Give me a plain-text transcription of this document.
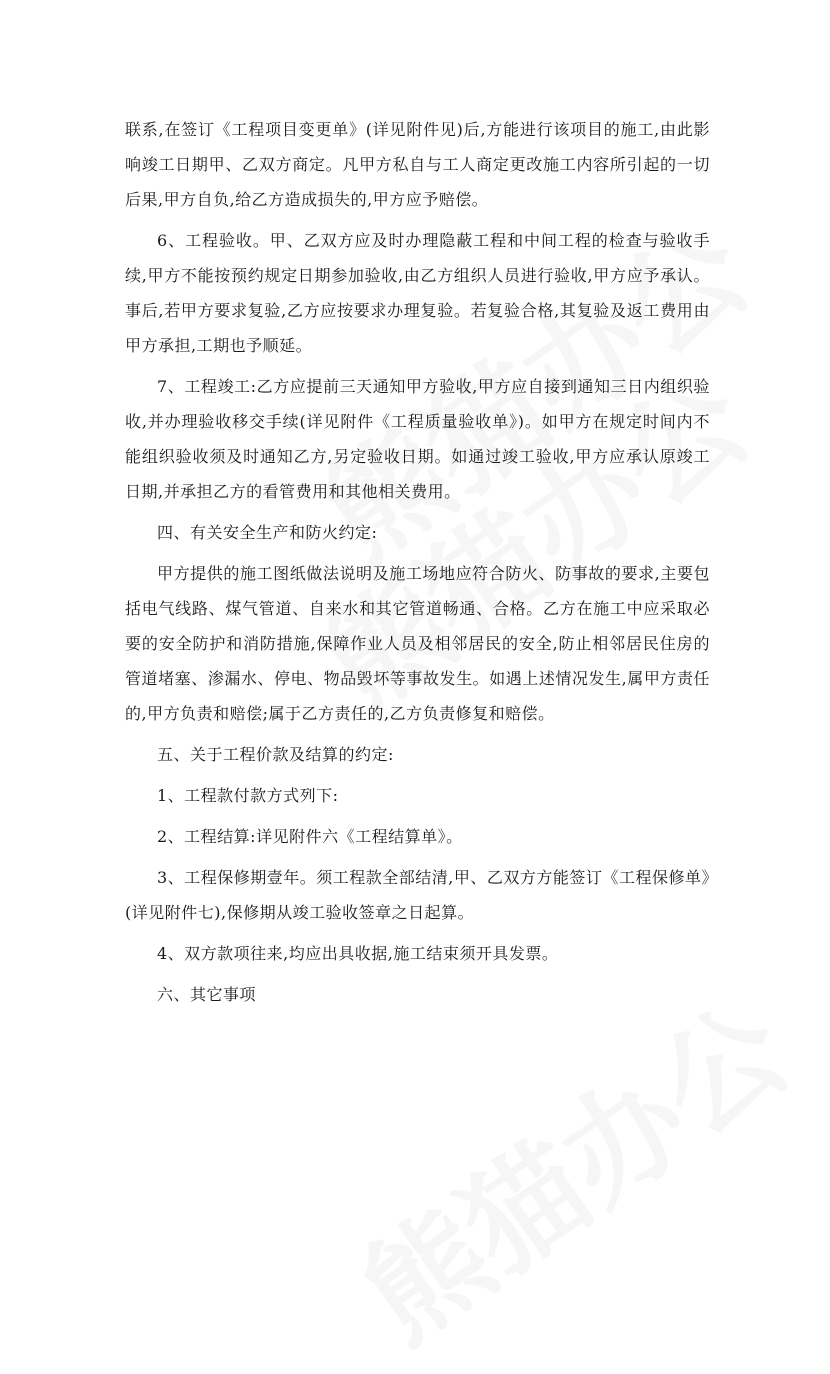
联系,在签订《工程项目变更单》(详见附件见)后,方能进行该项目的施工,由此影响竣工日期甲、乙双方商定。凡甲方私自与工人商定更改施工内容所引起的一切后果,甲方自负,给乙方造成损失的,甲方应予赔偿。

6、工程验收。甲、乙双方应及时办理隐蔽工程和中间工程的检查与验收手续,甲方不能按预约规定日期参加验收,由乙方组织人员进行验收,甲方应予承认。事后,若甲方要求复验,乙方应按要求办理复验。若复验合格,其复验及返工费用由甲方承担,工期也予顺延。

7、工程竣工:乙方应提前三天通知甲方验收,甲方应自接到通知三日内组织验收,并办理验收移交手续(详见附件《工程质量验收单》)。如甲方在规定时间内不能组织验收须及时通知乙方,另定验收日期。如通过竣工验收,甲方应承认原竣工日期,并承担乙方的看管费用和其他相关费用。

四、有关安全生产和防火约定:

甲方提供的施工图纸做法说明及施工场地应符合防火、防事故的要求,主要包括电气线路、煤气管道、自来水和其它管道畅通、合格。乙方在施工中应采取必要的安全防护和消防措施,保障作业人员及相邻居民的安全,防止相邻居民住房的管道堵塞、渗漏水、停电、物品毁坏等事故发生。如遇上述情况发生,属甲方责任的,甲方负责和赔偿;属于乙方责任的,乙方负责修复和赔偿。

五、关于工程价款及结算的约定:

1、工程款付款方式列下:

2、工程结算:详见附件六《工程结算单》。

3、工程保修期壹年。须工程款全部结清,甲、乙双方方能签订《工程保修单》(详见附件七),保修期从竣工验收签章之日起算。

4、双方款项往来,均应出具收据,施工结束须开具发票。

六、其它事项
